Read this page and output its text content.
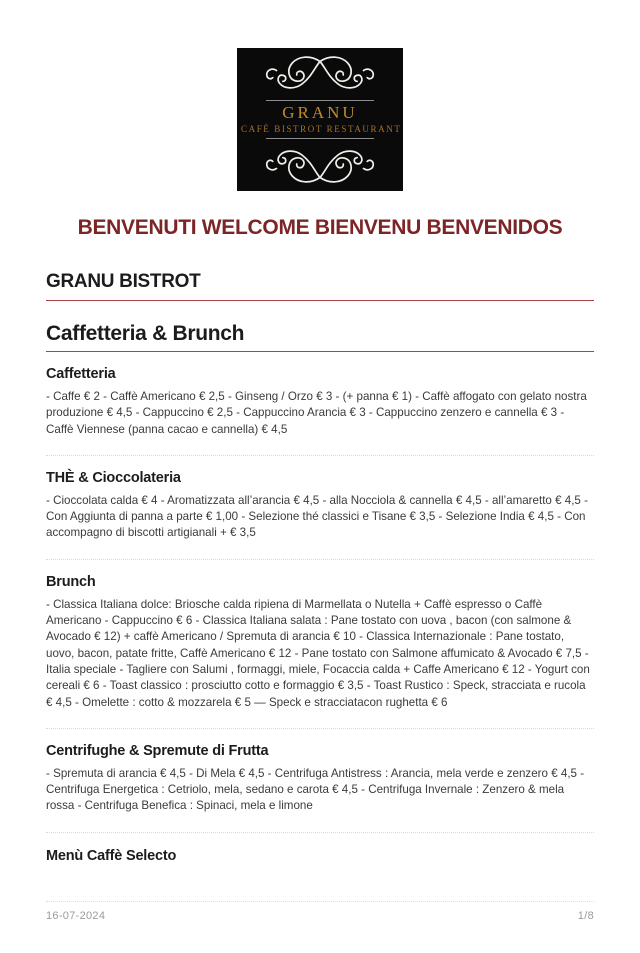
GRANU
CAFÉ BISTROT RESTAURANT
BENVENUTI WELCOME BIENVENU BENVENIDOS
GRANU BISTROT
Caffetteria & Brunch
Caffetteria

- Caffe € 2 - Caffè Americano € 2,5 - Ginseng / Orzo € 3 - (+ panna € 1) - Caffè affogato con gelato nostra produzione € 4,5 - Cappuccino € 2,5 - Cappuccino Arancia € 3 - Cappuccino zenzero e cannella € 3 - Caffè Viennese (panna cacao e cannella) € 4,5

THÈ & Cioccolateria

- Cioccolata calda € 4 - Aromatizzata all’arancia € 4,5 - alla Nocciola & cannella € 4,5 - all’amaretto € 4,5 - Con Aggiunta di panna a parte € 1,00 - Selezione thé classici e Tisane € 3,5 - Selezione India € 4,5 - Con accompagno di biscotti artigianali + € 3,5

Brunch

- Classica Italiana dolce: Briosche calda ripiena di Marmellata o Nutella + Caffè espresso o Caffè Americano - Cappuccino € 6 - Classica Italiana salata : Pane tostato con uova , bacon (con salmone & Avocado € 12) + caffè Americano / Spremuta di arancia € 10 - Classica Internazionale : Pane tostato, uovo, bacon, patate fritte, Caffè Americano € 12 - Pane tostato con Salmone affumicato & Avocado € 7,5 - Italia speciale - Tagliere con Salumi , formaggi, miele, Focaccia calda + Caffe Americano € 12 - Yogurt con cereali € 6 - Toast classico : prosciutto cotto e formaggio € 3,5 - Toast Rustico : Speck, stracciata e rucola € 4,5 - Omelette : cotto & mozzarela € 5 — Speck e stracciatacon rughetta € 6

Centrifughe & Spremute di Frutta

- Spremuta di arancia € 4,5 - Di Mela € 4,5 - Centrifuga Antistress : Arancia, mela verde e zenzero € 4,5 - Centrifuga Energetica : Cetriolo, mela, sedano e carota € 4,5 - Centrifuga Invernale : Zenzero & mela rossa - Centrifuga Benefica : Spinaci, mela e limone

Menù Caffè Selecto
16-07-2024	1/8
